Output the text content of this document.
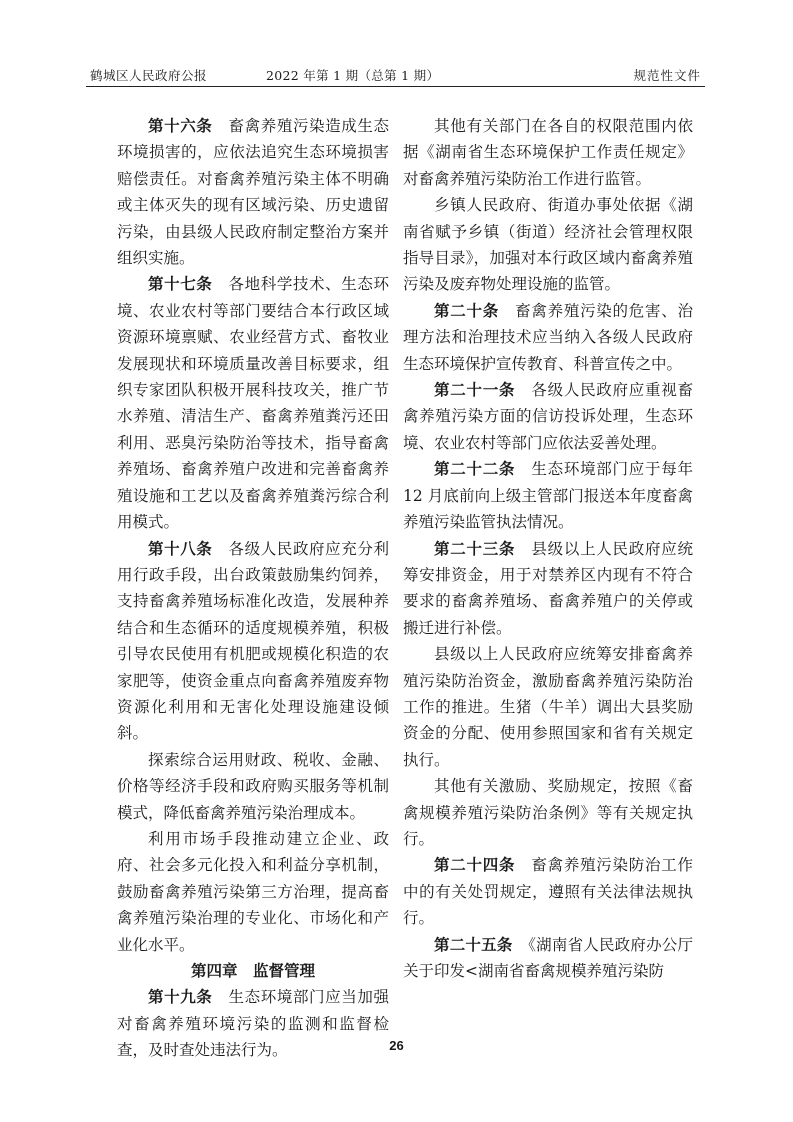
鹤城区人民政府公报	2022 年第 1 期（总第 1 期）	规范性文件

第十六条　 畜禽养殖污染造成生态环境损害的，应依法追究生态环境损害赔偿责任。对畜禽养殖污染主体不明确或主体灭失的现有区域污染、历史遗留污染，由县级人民政府制定整治方案并组织实施。

第十七条　 各地科学技术、生态环境、农业农村等部门要结合本行政区域资源环境禀赋、农业经营方式、畜牧业发展现状和环境质量改善目标要求，组织专家团队积极开展科技攻关，推广节水养殖、清洁生产、畜禽养殖粪污还田利用、恶臭污染防治等技术，指导畜禽养殖场、畜禽养殖户改进和完善畜禽养殖设施和工艺以及畜禽养殖粪污综合利用模式。

第十八条　 各级人民政府应充分利用行政手段，出台政策鼓励集约饲养，支持畜禽养殖场标准化改造，发展种养结合和生态循环的适度规模养殖，积极引导农民使用有机肥或规模化积造的农家肥等，使资金重点向畜禽养殖废弃物资源化利用和无害化处理设施建设倾斜。

探索综合运用财政、税收、金融、价格等经济手段和政府购买服务等机制模式，降低畜禽养殖污染治理成本。

利用市场手段推动建立企业、政府、社会多元化投入和利益分享机制，鼓励畜禽养殖污染第三方治理，提高畜禽养殖污染治理的专业化、市场化和产业化水平。

第四章　监督管理

第十九条　 生态环境部门应当加强对畜禽养殖环境污染的监测和监督检查，及时查处违法行为。

其他有关部门在各自的权限范围内依据《湖南省生态环境保护工作责任规定》对畜禽养殖污染防治工作进行监管。

乡镇人民政府、街道办事处依据《湖南省赋予乡镇（街道）经济社会管理权限指导目录》，加强对本行政区域内畜禽养殖污染及废弃物处理设施的监管。

第二十条　 畜禽养殖污染的危害、治理方法和治理技术应当纳入各级人民政府生态环境保护宣传教育、科普宣传之中。

第二十一条　 各级人民政府应重视畜禽养殖污染方面的信访投诉处理，生态环境、农业农村等部门应依法妥善处理。

第二十二条　 生态环境部门应于每年 12 月底前向上级主管部门报送本年度畜禽养殖污染监管执法情况。

第二十三条　 县级以上人民政府应统筹安排资金，用于对禁养区内现有不符合要求的畜禽养殖场、畜禽养殖户的关停或搬迁进行补偿。

县级以上人民政府应统筹安排畜禽养殖污染防治资金，激励畜禽养殖污染防治工作的推进。生猪（牛羊）调出大县奖励资金的分配、使用参照国家和省有关规定执行。

其他有关激励、奖励规定，按照《畜禽规模养殖污染防治条例》等有关规定执行。

第二十四条　 畜禽养殖污染防治工作中的有关处罚规定，遵照有关法律法规执行。

第二十五条　 《湖南省人民政府办公厅关于印发<湖南省畜禽规模养殖污染防

26
